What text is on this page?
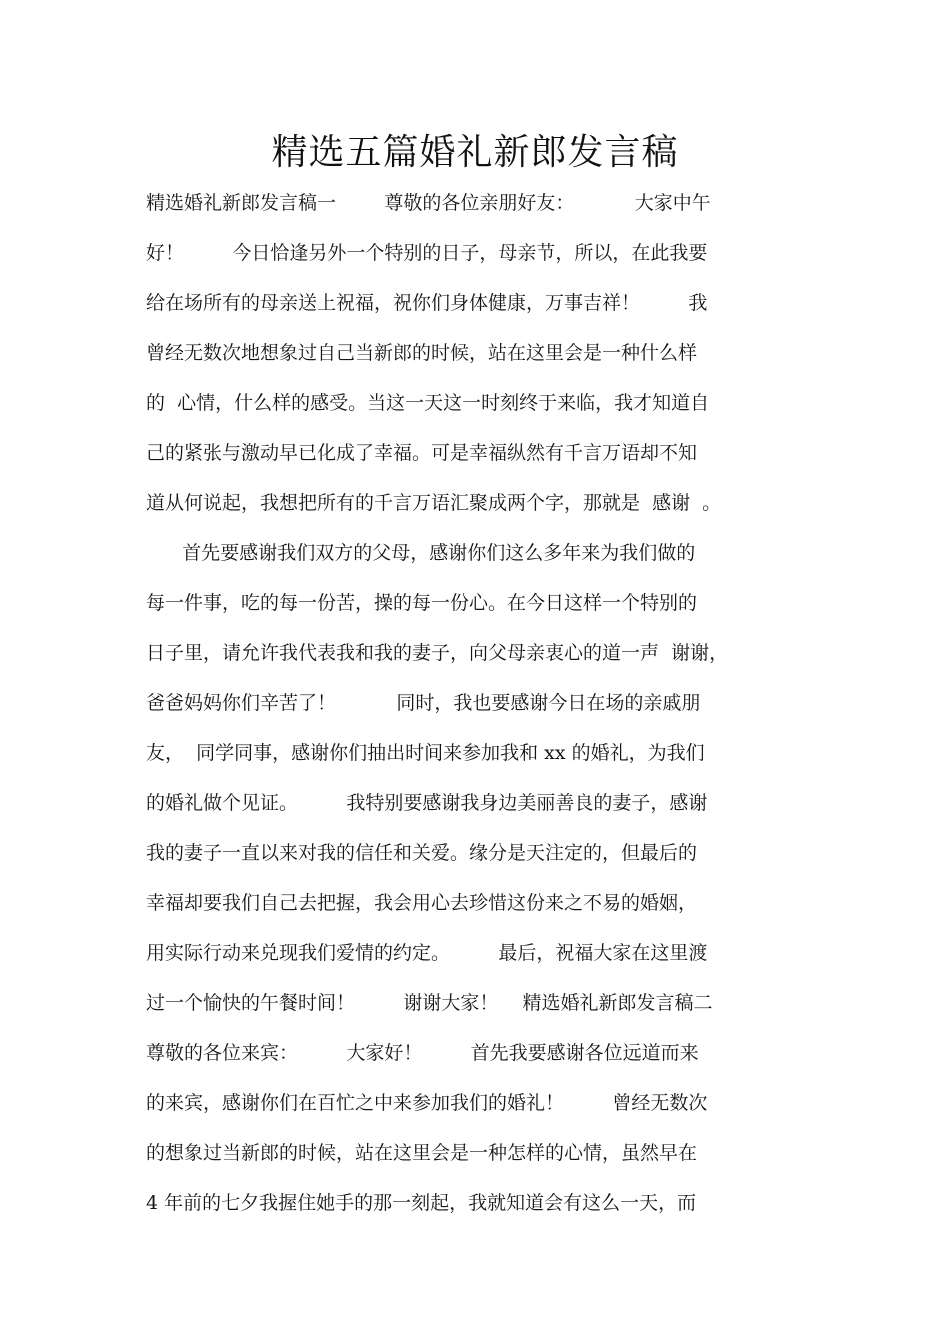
精选五篇婚礼新郎发言稿
精选婚礼新郎发言稿一        尊敬的各位亲朋好友：          大家中午
好！        今日恰逢另外一个特别的日子，母亲节，所以，在此我要
给在场所有的母亲送上祝福，祝你们身体健康，万事吉祥！        我
曾经无数次地想象过自己当新郎的时候，站在这里会是一种什么样
的  心情，什么样的感受。当这一天这一时刻终于来临，我才知道自
己的紧张与激动早已化成了幸福。可是幸福纵然有千言万语却不知
道从何说起，我想把所有的千言万语汇聚成两个字，那就是  感谢  。
首先要感谢我们双方的父母，感谢你们这么多年来为我们做的
每一件事，吃的每一份苦，操的每一份心。在今日这样一个特别的
日子里，请允许我代表我和我的妻子，向父母亲衷心的道一声  谢谢，
爸爸妈妈你们辛苦了！          同时，我也要感谢今日在场的亲戚朋
友，  同学同事，感谢你们抽出时间来参加我和 xx 的婚礼，为我们
的婚礼做个见证。        我特别要感谢我身边美丽善良的妻子，感谢
我的妻子一直以来对我的信任和关爱。缘分是天注定的，但最后的
幸福却要我们自己去把握，我会用心去珍惜这份来之不易的婚姻，
用实际行动来兑现我们爱情的约定。        最后，祝福大家在这里渡
过一个愉快的午餐时间！        谢谢大家！    精选婚礼新郎发言稿二
尊敬的各位来宾：        大家好！        首先我要感谢各位远道而来
的来宾，感谢你们在百忙之中来参加我们的婚礼！        曾经无数次
的想象过当新郎的时候，站在这里会是一种怎样的心情，虽然早在
4 年前的七夕我握住她手的那一刻起，我就知道会有这么一天，而
